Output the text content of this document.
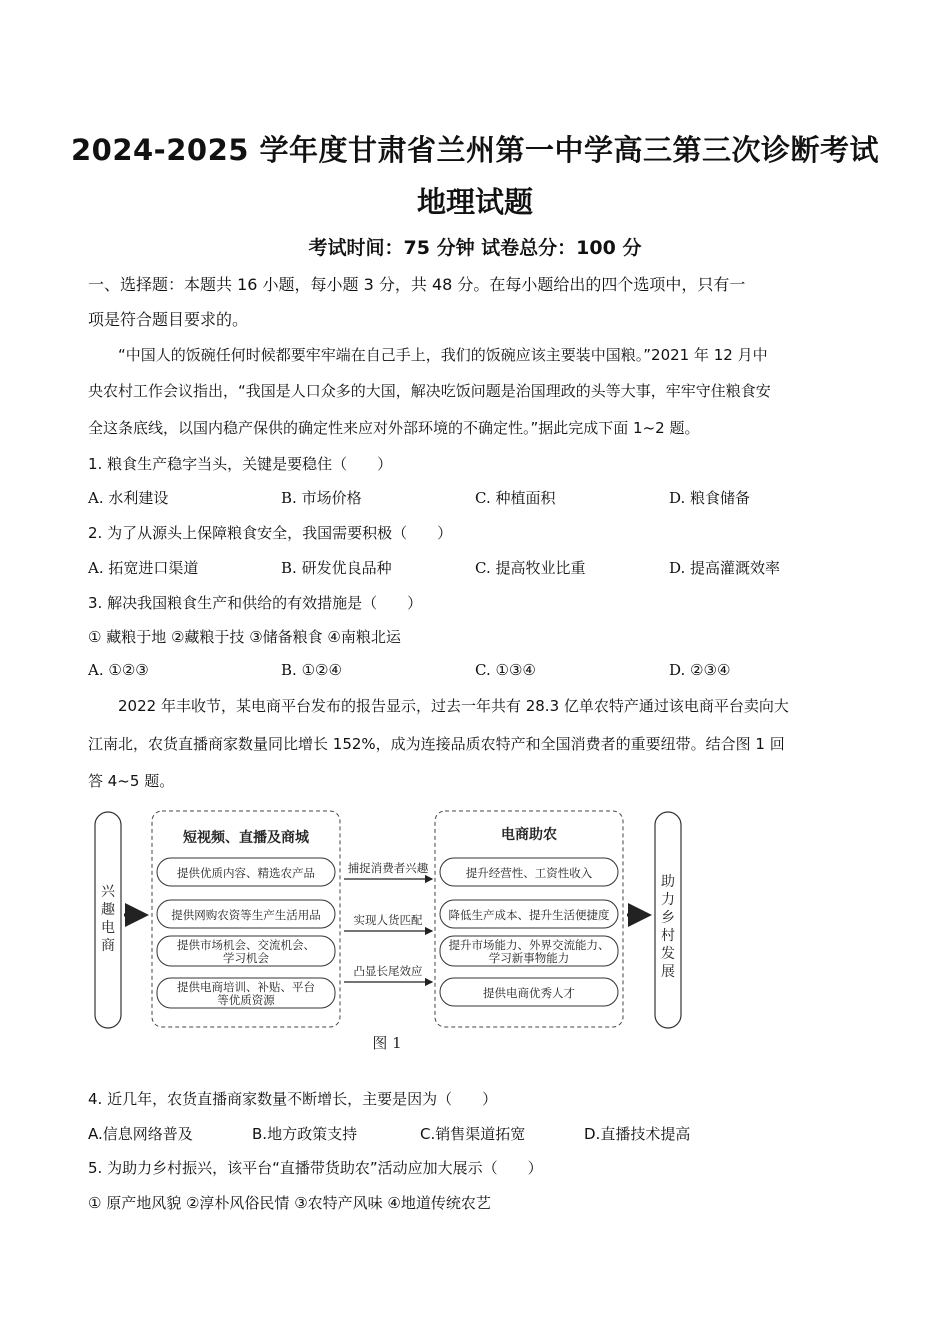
2024-2025 学年度甘肃省兰州第一中学高三第三次诊断考试
地理试题
考试时间：75 分钟 试卷总分：100 分
一、选择题：本题共 16 小题，每小题 3 分，共 48 分。在每小题给出的四个选项中，只有一
项是符合题目要求的。
“中国人的饭碗任何时候都要牢牢端在自己手上，我们的饭碗应该主要装中国粮。”2021 年 12 月中
央农村工作会议指出，“我国是人口众多的大国，解决吃饭问题是治国理政的头等大事，牢牢守住粮食安
全这条底线，以国内稳产保供的确定性来应对外部环境的不确定性。”据此完成下面 1~2 题。
1. 粮食生产稳字当头，关键是要稳住（　　）
A. 水利建设	B. 市场价格	C. 种植面积	D. 粮食储备
2. 为了从源头上保障粮食安全，我国需要积极（　　）
A. 拓宽进口渠道	B. 研发优良品种	C. 提高牧业比重	D. 提高灌溉效率
3. 解决我国粮食生产和供给的有效措施是（　　）
① 藏粮于地 ②藏粮于技 ③储备粮食 ④南粮北运
A. ①②③	B. ①②④	C. ①③④	D. ②③④
2022 年丰收节，某电商平台发布的报告显示，过去一年共有 28.3 亿单农特产通过该电商平台卖向大
江南北，农货直播商家数量同比增长 152%，成为连接品质农特产和全国消费者的重要纽带。结合图 1 回
答 4~5 题。
兴
趣
电
商
短视频、直播及商城
提供优质内容、精选农产品
提供网购农资等生产生活用品
提供市场机会、交流机会、
学习机会
提供电商培训、补贴、平台
等优质资源
捕捉消费者兴趣
实现人货匹配
凸显长尾效应
电商助农
提升经营性、工资性收入
降低生产成本、提升生活便捷度
提升市场能力、外界交流能力、
学习新事物能力
提供电商优秀人才
助
力
乡
村
发
展
图 1
4. 近几年，农货直播商家数量不断增长，主要是因为（　　）
A.信息网络普及	B.地方政策支持	C.销售渠道拓宽	D.直播技术提高
5. 为助力乡村振兴，该平台“直播带货助农”活动应加大展示（　　）
① 原产地风貌 ②淳朴风俗民情 ③农特产风味 ④地道传统农艺
